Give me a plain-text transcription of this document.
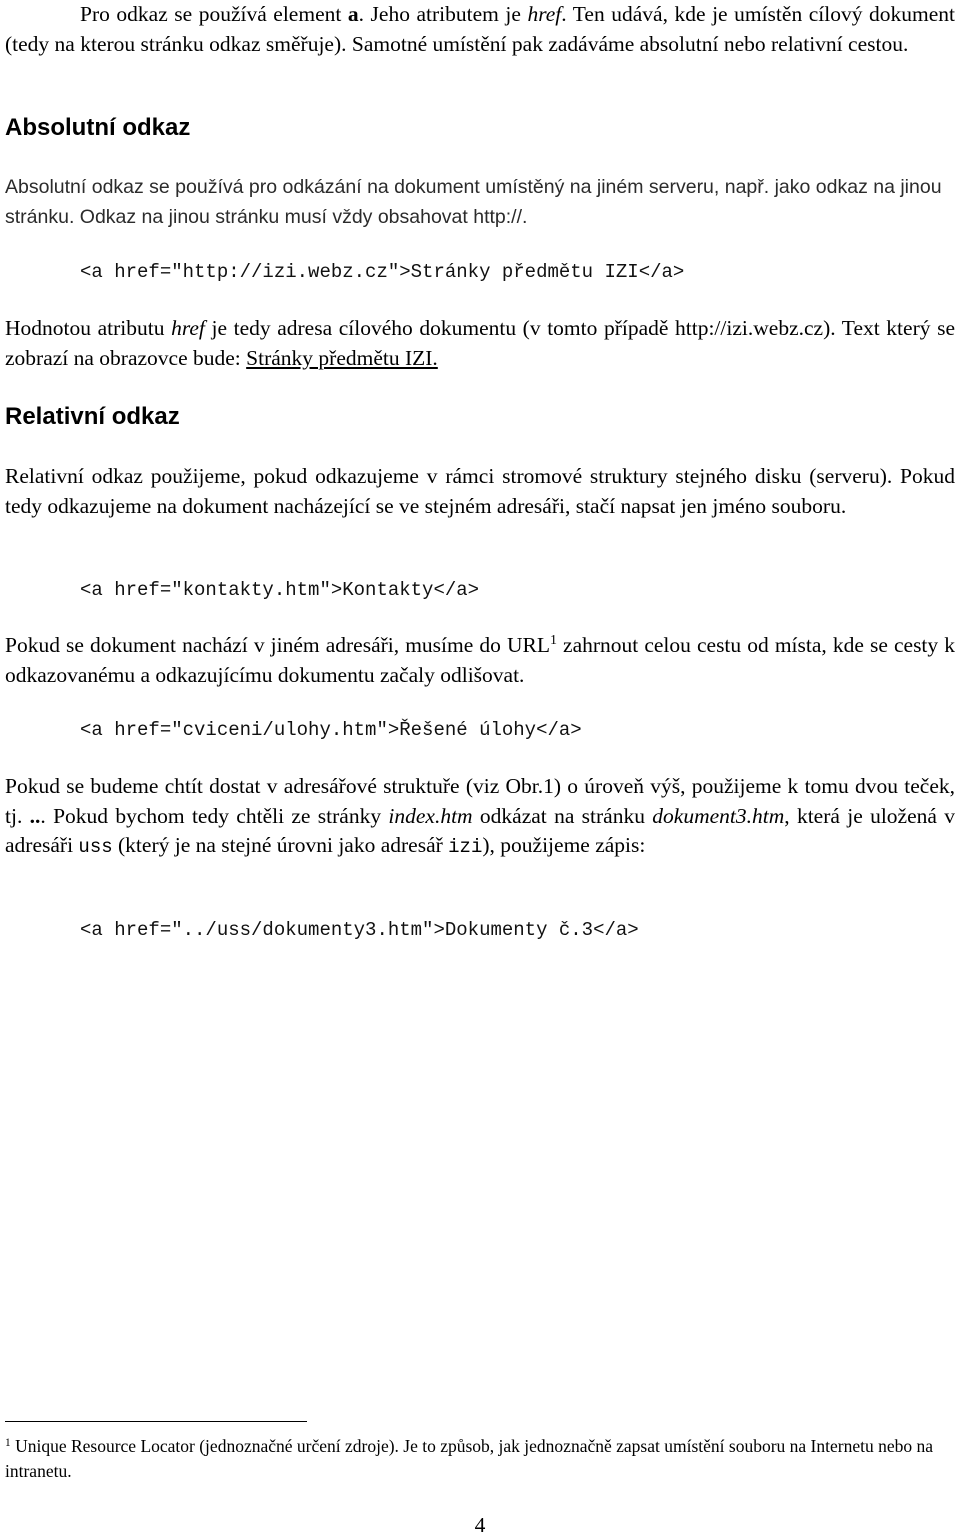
Pro odkaz se používá element a. Jeho atributem je href. Ten udává, kde je umístěn cílový dokument (tedy na kterou stránku odkaz směřuje). Samotné umístění pak zadáváme absolutní nebo relativní cestou.
Absolutní odkaz
Absolutní odkaz se používá pro odkázání na dokument umístěný na jiném serveru, např. jako odkaz na jinou stránku. Odkaz na jinou stránku musí vždy obsahovat http://.
<a href="http://izi.webz.cz">Stránky předmětu IZI</a>
Hodnotou atributu href je tedy adresa cílového dokumentu (v tomto případě http://izi.webz.cz). Text který se zobrazí na obrazovce bude: Stránky předmětu IZI.
Relativní odkaz
Relativní odkaz použijeme, pokud odkazujeme v rámci stromové struktury stejného disku (serveru). Pokud tedy odkazujeme na dokument nacházející se ve stejném adresáři, stačí napsat jen jméno souboru.
<a href="kontakty.htm">Kontakty</a>
Pokud se dokument nachází v jiném adresáři, musíme do URL$^1$ zahrnout celou cestu od místa, kde se cesty k odkazovanému a odkazujícímu dokumentu začaly odlišovat.
<a href="cviceni/ulohy.htm">Řešené úlohy</a>
Pokud se budeme chtít dostat v adresářové struktuře (viz Obr.1) o úroveň výš, použijeme k tomu dvou teček, tj. ... Pokud bychom tedy chtěli ze stránky index.htm odkázat na stránku dokument3.htm, která je uložená v adresáři uss (který je na stejné úrovni jako adresář izi), použijeme zápis:
<a href="../uss/dokumenty3.htm">Dokumenty č.3</a>
$^1$ Unique Resource Locator (jednoznačné určení zdroje). Je to způsob, jak jednoznačně zapsat umístění souboru na Internetu nebo na intranetu.
4
